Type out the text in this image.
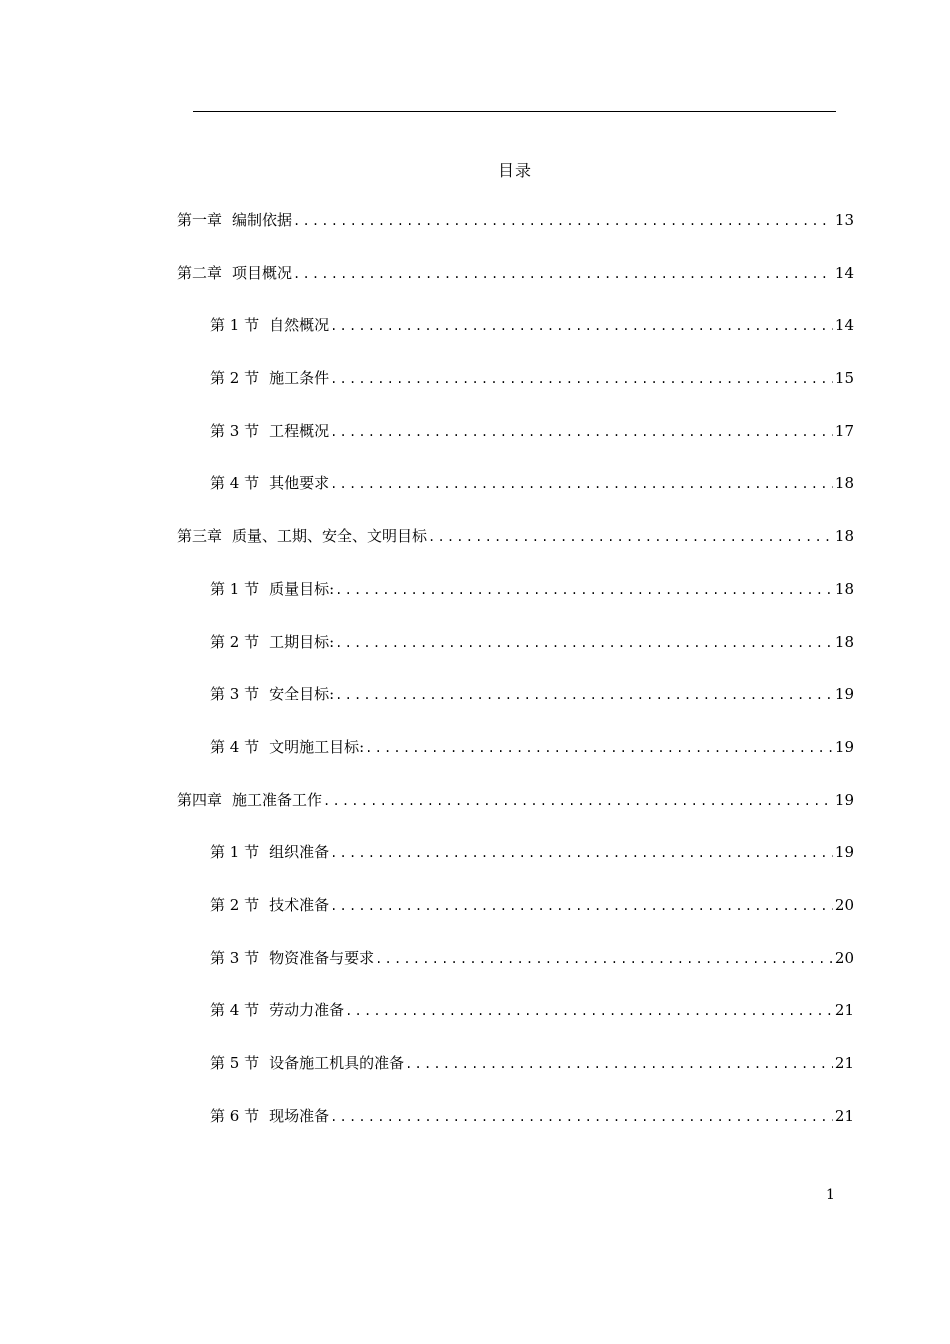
目录
第一章 编制依据 .....	13
第二章 项目概况 .....	14
第 1 节 自然概况 .....	14
第 2 节 施工条件 .....	15
第 3 节 工程概况 .....	17
第 4 节 其他要求 .....	18
第三章 质量、工期、安全、文明目标 .....	18
第 1 节 质量目标: .....	18
第 2 节 工期目标: .....	18
第 3 节 安全目标: .....	19
第 4 节 文明施工目标: .....	19
第四章 施工准备工作 .....	19
第 1 节 组织准备 .....	19
第 2 节 技术准备 .....	20
第 3 节 物资准备与要求 .....	20
第 4 节 劳动力准备 .....	21
第 5 节 设备施工机具的准备 .....	21
第 6 节 现场准备 .....	21
1
